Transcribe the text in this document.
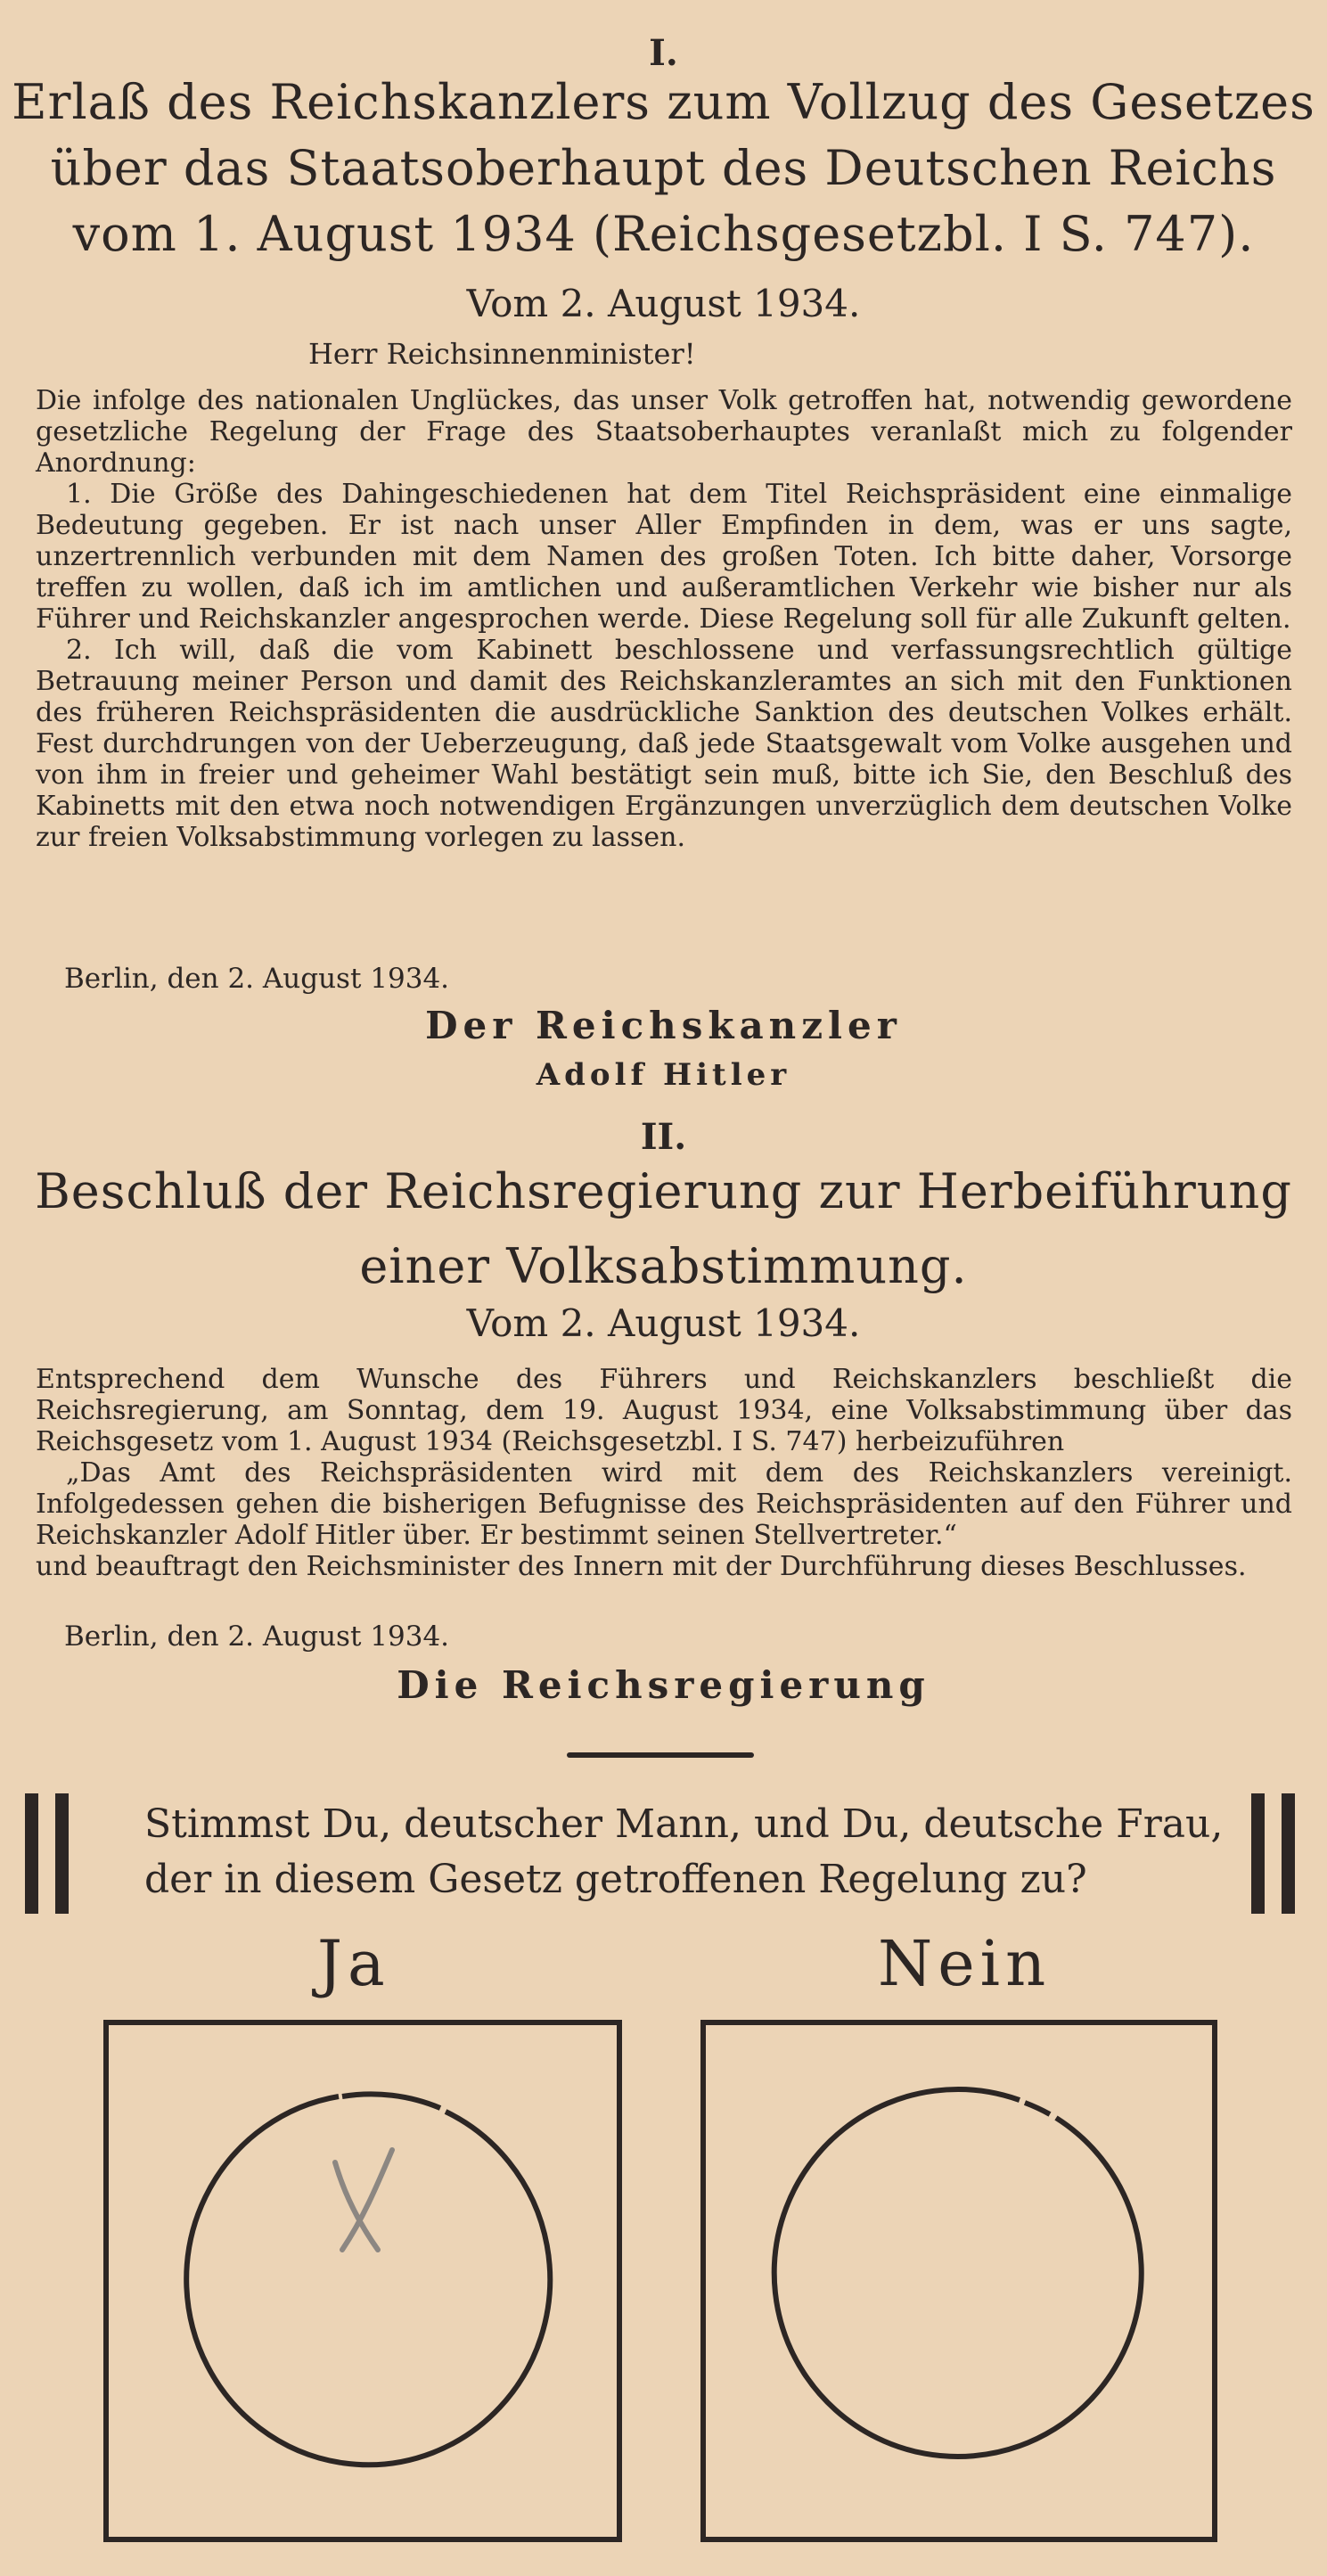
I.
Erlaß des Reichskanzlers zum Vollzug des Gesetzes
über das Staatsoberhaupt des Deutschen Reichs
vom 1. August 1934 (Reichsgesetzbl. I S. 747).
Vom 2. August 1934.
Herr Reichsinnenminister!

Die infolge des nationalen Unglückes, das unser Volk getroffen hat, notwendig gewordene gesetzliche Regelung der Frage des Staatsoberhauptes veranlaßt mich zu folgender Anordnung:

1. Die Größe des Dahingeschiedenen hat dem Titel Reichspräsident eine einmalige Bedeutung gegeben. Er ist nach unser Aller Empfinden in dem, was er uns sagte, unzertrennlich verbunden mit dem Namen des großen Toten. Ich bitte daher, Vorsorge treffen zu wollen, daß ich im amtlichen und außeramtlichen Verkehr wie bisher nur als Führer und Reichskanzler angesprochen werde. Diese Regelung soll für alle Zukunft gelten.

2. Ich will, daß die vom Kabinett beschlossene und verfassungsrechtlich gültige Betrauung meiner Person und damit des Reichskanzleramtes an sich mit den Funktionen des früheren Reichspräsidenten die ausdrückliche Sanktion des deutschen Volkes erhält. Fest durchdrungen von der Ueberzeugung, daß jede Staatsgewalt vom Volke ausgehen und von ihm in freier und geheimer Wahl bestätigt sein muß, bitte ich Sie, den Beschluß des Kabinetts mit den etwa noch notwendigen Ergänzungen unverzüglich dem deutschen Volke zur freien Volksabstimmung vorlegen zu lassen.

Berlin, den 2. August 1934.
Der Reichskanzler
Adolf Hitler
II.
Beschluß der Reichsregierung zur Herbeiführung
einer Volksabstimmung.
Vom 2. August 1934.

Entsprechend dem Wunsche des Führers und Reichskanzlers beschließt die Reichsregierung, am Sonntag, dem 19. August 1934, eine Volksabstimmung über das Reichsgesetz vom 1. August 1934 (Reichsgesetzbl. I S. 747) herbeizuführen

„Das Amt des Reichspräsidenten wird mit dem des Reichskanzlers vereinigt. Infolgedessen gehen die bisherigen Befugnisse des Reichspräsidenten auf den Führer und Reichskanzler Adolf Hitler über. Er bestimmt seinen Stellvertreter.“

und beauftragt den Reichsminister des Innern mit der Durchführung dieses Beschlusses.

Berlin, den 2. August 1934.
Die Reichsregierung
Stimmst Du, deutscher Mann, und Du, deutsche Frau,
der in diesem Gesetz getroffenen Regelung zu?
Ja	Nein
